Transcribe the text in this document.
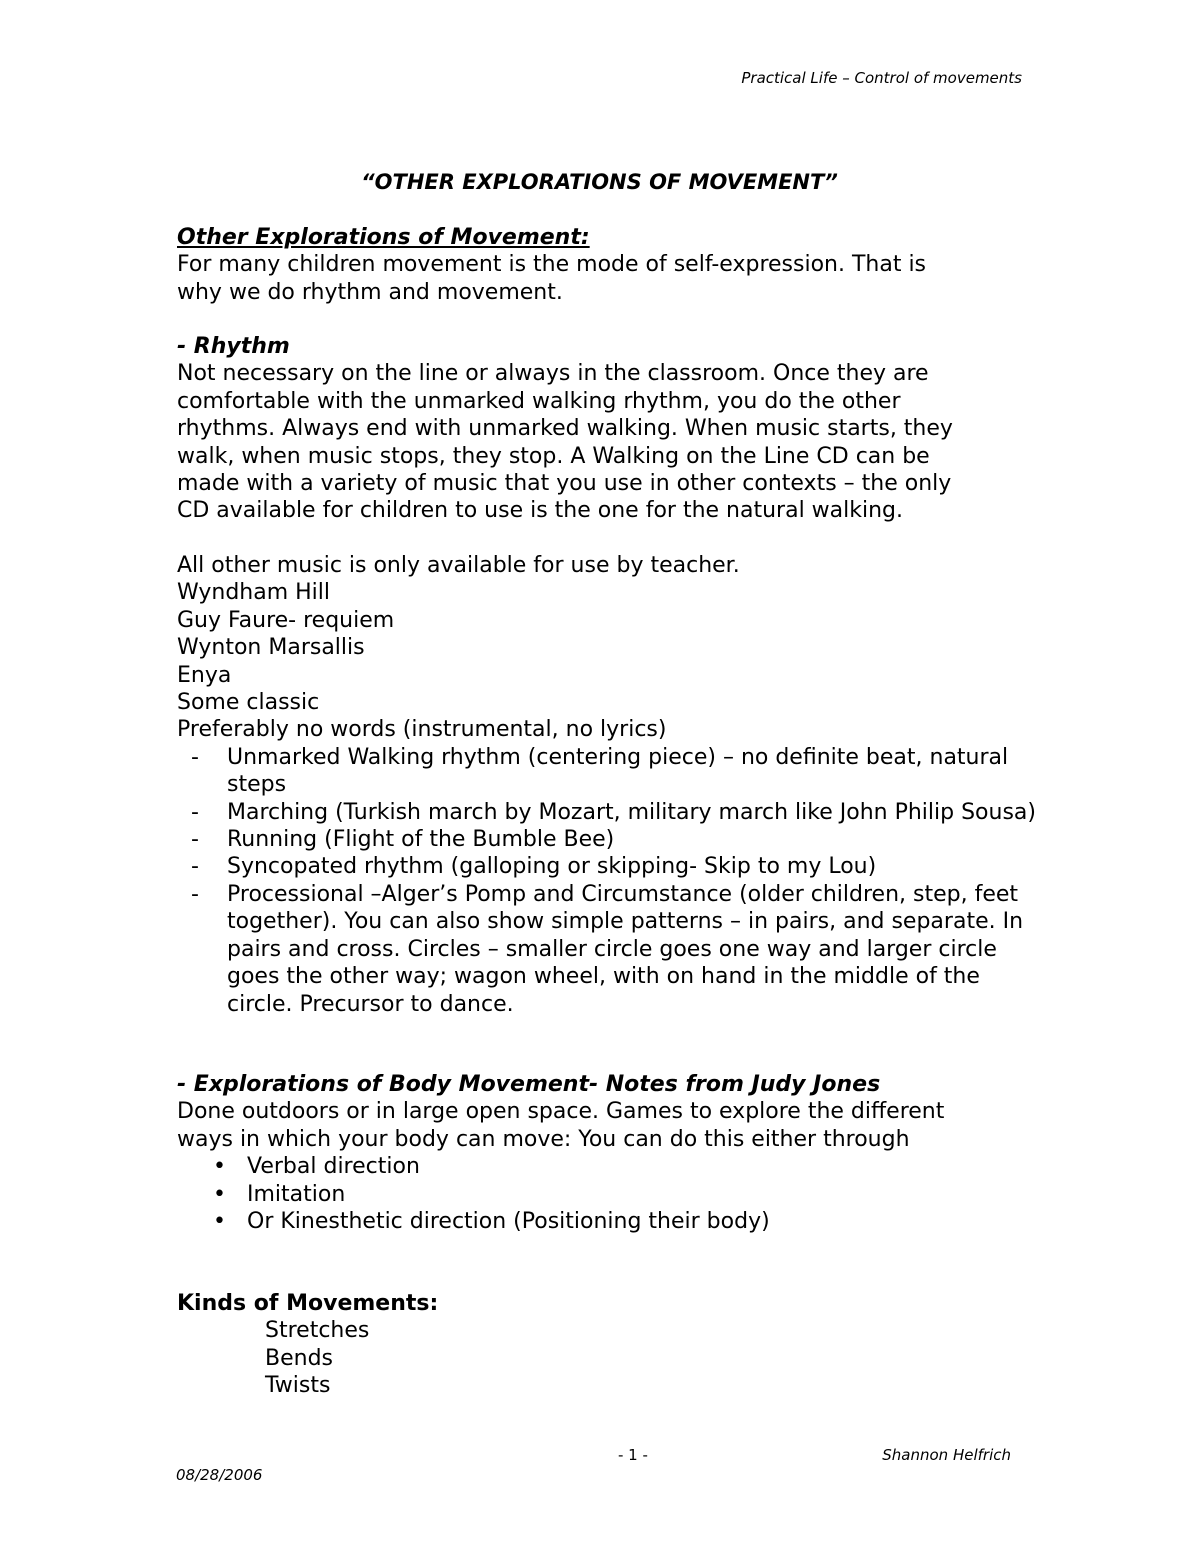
Practical Life – Control of movements
“OTHER EXPLORATIONS OF MOVEMENT”

Other Explorations of Movement:

For many children movement is the mode of self-expression. That is

why we do rhythm and movement.

- Rhythm

Not necessary on the line or always in the classroom. Once they are

comfortable with the unmarked walking rhythm, you do the other

rhythms. Always end with unmarked walking. When music starts, they

walk, when music stops, they stop. A Walking on the Line CD can be

made with a variety of music that you use in other contexts – the only

CD available for children to use is the one for the natural walking.

All other music is only available for use by teacher.

Wyndham Hill

Guy Faure- requiem

Wynton Marsallis

Enya

Some classic

Preferably no words (instrumental, no lyrics)

- Unmarked Walking rhythm (centering piece) – no definite beat, natural steps
- Marching (Turkish march by Mozart, military march like John Philip Sousa)
- Running (Flight of the Bumble Bee)
- Syncopated rhythm (galloping or skipping- Skip to my Lou)
- Processional –Alger’s Pomp and Circumstance (older children, step, feet together). You can also show simple patterns – in pairs, and separate. In pairs and cross. Circles – smaller circle goes one way and larger circle goes the other way; wagon wheel, with on hand in the middle of the circle. Precursor to dance.

- Explorations of Body Movement- Notes from Judy Jones

Done outdoors or in large open space. Games to explore the different

ways in which your body can move: You can do this either through

• Verbal direction
• Imitation
• Or Kinesthetic direction (Positioning their body)

Kinds of Movements:

Stretches
Bends
Twists
- 1 -	Shannon Helfrich
08/28/2006
